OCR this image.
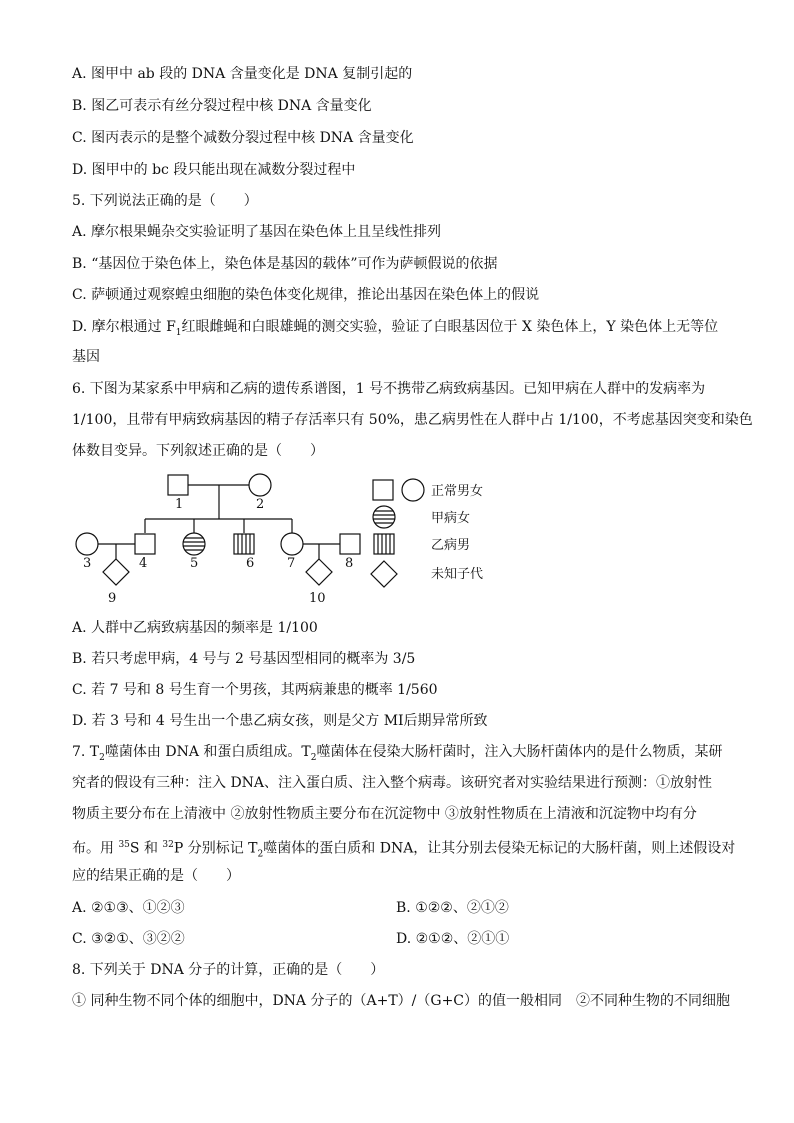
A. 图甲中 ab 段的 DNA 含量变化是 DNA 复制引起的
B. 图乙可表示有丝分裂过程中核 DNA 含量变化
C. 图丙表示的是整个减数分裂过程中核 DNA 含量变化
D. 图甲中的 bc 段只能出现在减数分裂过程中
5. 下列说法正确的是（　　）
A. 摩尔根果蝇杂交实验证明了基因在染色体上且呈线性排列
B. “基因位于染色体上，染色体是基因的载体”可作为萨顿假说的依据
C. 萨顿通过观察蝗虫细胞的染色体变化规律，推论出基因在染色体上的假说
D. 摩尔根通过 $F_1$红眼雌蝇和白眼雄蝇的测交实验，验证了白眼基因位于 X 染色体上，Y 染色体上无等位
基因
6. 下图为某家系中甲病和乙病的遗传系谱图，1 号不携带乙病致病基因。已知甲病在人群中的发病率为
1/100，且带有甲病致病基因的精子存活率只有 50%，患乙病男性在人群中占 1/100，不考虑基因突变和染色
体数目变异。下列叙述正确的是（　　）
1	2
3	4	5	6	7	8
9	10
正常男女
甲病女
乙病男
未知子代
A. 人群中乙病致病基因的频率是 1/100
B. 若只考虑甲病，4 号与 2 号基因型相同的概率为 3/5
C. 若 7 号和 8 号生育一个男孩，其两病兼患的概率 1/560
D. 若 3 号和 4 号生出一个患乙病女孩，则是父方 MⅠ后期异常所致
7. $T_2$噬菌体由 DNA 和蛋白质组成。$T_2$噬菌体在侵染大肠杆菌时，注入大肠杆菌体内的是什么物质，某研
究者的假设有三种：注入 DNA、注入蛋白质、注入整个病毒。该研究者对实验结果进行预测：①放射性
物质主要分布在上清液中 ②放射性物质主要分布在沉淀物中 ③放射性物质在上清液和沉淀物中均有分
布。用 $^{35}$S 和 $^{32}$P 分别标记 $T_2$噬菌体的蛋白质和 DNA，让其分别去侵染无标记的大肠杆菌，则上述假设对
应的结果正确的是（　　）
A. ②①③、①②③	B. ①②②、②①②
C. ③②①、③②②	D. ②①②、②①①
8. 下列关于 DNA 分子的计算，正确的是（　　）
① 同种生物不同个体的细胞中，DNA 分子的（A+T）/（G+C）的值一般相同　②不同种生物的不同细胞
